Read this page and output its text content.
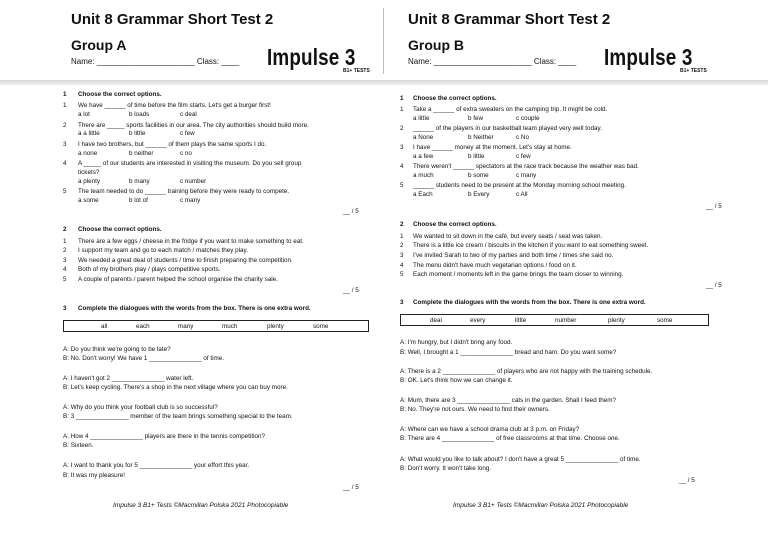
Unit 8 Grammar Short Test 2
Group A
Name: ______________________ Class: ____ Impulse 3
B1+ TESTS
1 Choose the correct options.
1 We have ______ of time before the film starts. Let's get a burger first!
a lot	b loads	c deal
2 There are _____ sports facilities in our area. The city authorities should build more.
a a little	b little	c few
3 I have two brothers, but ______ of them plays the same sports I do.
a none	b neither	c no
4 A _____ of our students are interested in visiting the museum. Do you sell group
tickets?
a plenty	b many	c number
5 The team needed to do ______ training before they were ready to compete.
a some	b lot of	c many
__ / 5
2 Choose the correct options.
1 There are a few eggs / cheese in the fridge if you want to make something to eat.
2 I support my team and go to each match / matches they play.
3 We needed a great deal of students / time to finish preparing the competition.
4 Both of my brothers play / plays competitive sports.
5 A couple of parents / parent helped the school organise the charity sale.
__ / 5
3 Complete the dialogues with the words from the box. There is one extra word.
all	each	many	much	plenty	some
A: Do you think we're going to be late?
B: No. Don't worry! We have 1 _______________ of time.
A: I haven't got 2 _______________ water left.
B: Let's keep cycling. There's a shop in the next village where you can buy more.
A: Why do you think your football club is so successful?
B: 3 _______________ member of the team brings something special to the team.
A: How 4 _______________ players are there in the tennis competition?
B: Sixteen.
A: I want to thank you for 5 _______________ your effort this year.
B: It was my pleasure!
__ / 5
Impulse 3 B1+ Tests ©Macmillan Polska 2021 Photocopiable
Unit 8 Grammar Short Test 2
Group B
Name: ______________________ Class: ____ Impulse 3
B1+ TESTS
1 Choose the correct options.
1 Take a ______ of extra sweaters on the camping trip. It might be cold.
a little	b few	c couple
2 ______ of the players in our basketball team played very well today.
a None	b Neither	c No
3 I have ______ money at the moment. Let's stay at home.
a a few	b little	c few
4 There weren't ______ spectators at the race track because the weather was bad.
a much	b some	c many
5 ______ students need to be present at the Monday morning school meeting.
a Each	b Every	c All
__ / 5
2 Choose the correct options.
1 We wanted to sit down in the café, but every seats / seat was taken.
2 There is a little ice cream / biscuits in the kitchen if you want to eat something sweet.
3 I've invited Sarah to two of my parties and both time / times she said no.
4 The menu didn't have much vegetarian options / food on it.
5 Each moment / moments left in the game brings the team closer to winning.
__ / 5
3 Complete the dialogues with the words from the box. There is one extra word.
deal	every	little	number	plenty	some
A: I'm hungry, but I didn't bring any food.
B: Well, I brought a 1 _______________ bread and ham. Do you want some?
A: There is a 2 _______________ of players who are not happy with the training schedule.
B: OK. Let's think how we can change it.
A: Mum, there are 3 _______________ cats in the garden. Shall I feed them?
B: No. They're not ours. We need to find their owners.
A: Where can we have a school drama club at 3 p.m. on Friday?
B: There are 4 _______________ of free classrooms at that time. Choose one.
A: What would you like to talk about? I don't have a great 5 _______________ of time.
B: Don't worry. It won't take long.
__ / 5
Impulse 3 B1+ Tests ©Macmillan Polska 2021 Photocopiable
